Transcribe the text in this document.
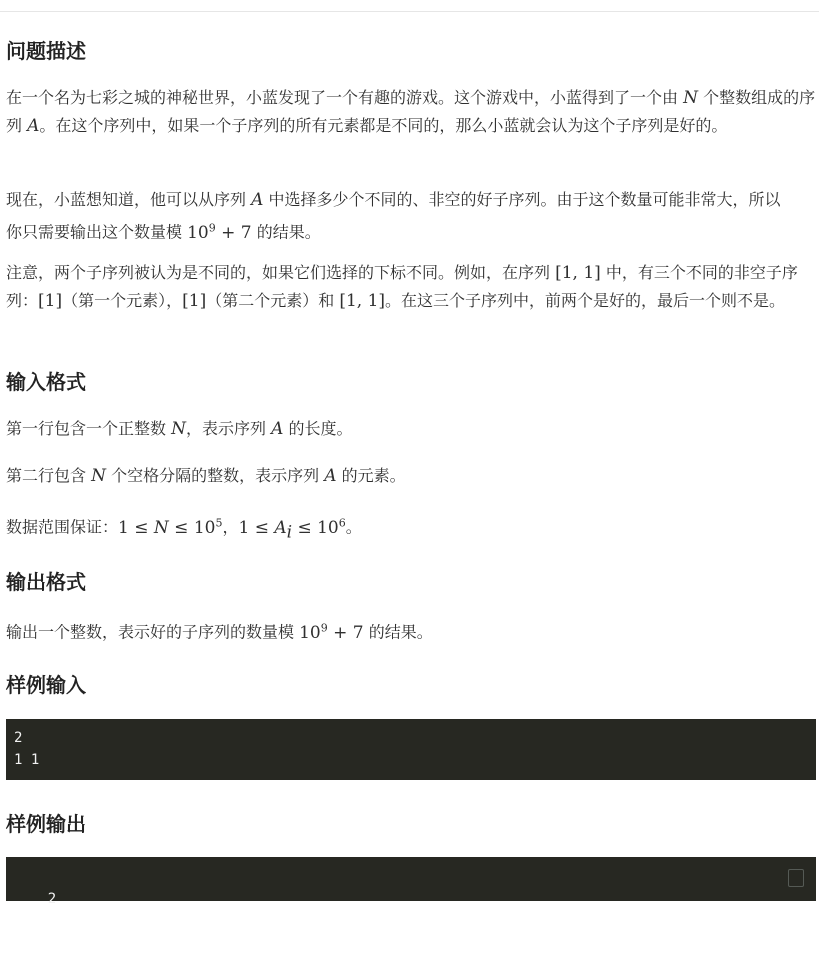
问题描述

在一个名为七彩之城的神秘世界，小蓝发现了一个有趣的游戏。这个游戏中，小蓝得到了一个由 N 个整数组成的序列 A。在这个序列中，如果一个子序列的所有元素都是不同的，那么小蓝就会认为这个子序列是好的。

现在，小蓝想知道，他可以从序列 A 中选择多少个不同的、非空的好子序列。由于这个数量可能非常大，所以你只需要输出这个数量模 $10^9 + 7$ 的结果。

注意，两个子序列被认为是不同的，如果它们选择的下标不同。例如，在序列 [1, 1] 中，有三个不同的非空子序列：[1]（第一个元素），[1]（第二个元素）和 [1, 1]。在这三个子序列中，前两个是好的，最后一个则不是。

输入格式

第一行包含一个正整数 N，表示序列 A 的长度。

第二行包含 N 个空格分隔的整数，表示序列 A 的元素。

数据范围保证：$1 \le N \le 10^5$，$1 \le A_i \le 10^6$。

输出格式

输出一个整数，表示好的子序列的数量模 $10^9 + 7$ 的结果。

样例输入
2
1 1
样例输出

2
